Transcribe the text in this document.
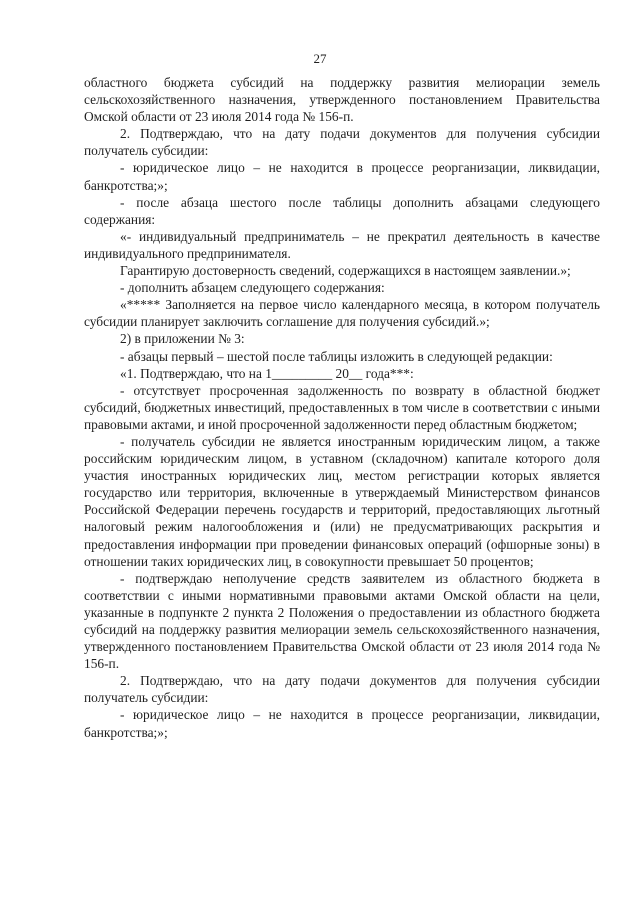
27

областного бюджета субсидий на поддержку развития мелиорации земель сельскохозяйственного назначения, утвержденного постановлением Правительства Омской области от 23 июля 2014 года № 156-п.

2. Подтверждаю, что на дату подачи документов для получения субсидии получатель субсидии:

- юридическое лицо – не находится в процессе реорганизации, ликвидации, банкротства;»;

- после абзаца шестого после таблицы дополнить абзацами следующего содержания:

«- индивидуальный предприниматель – не прекратил деятельность в качестве индивидуального предпринимателя.

Гарантирую достоверность сведений, содержащихся в настоящем заявлении.»;

- дополнить абзацем следующего содержания:

«***** Заполняется на первое число календарного месяца, в котором получатель субсидии планирует заключить соглашение для получения субсидий.»;

2) в приложении № 3:

- абзацы первый – шестой после таблицы изложить в следующей редакции:

«1. Подтверждаю, что на 1_________ 20__ года***:

- отсутствует просроченная задолженность по возврату в областной бюджет субсидий, бюджетных инвестиций, предоставленных в том числе в соответствии с иными правовыми актами, и иной просроченной задолженности перед областным бюджетом;

- получатель субсидии не является иностранным юридическим лицом, а также российским юридическим лицом, в уставном (складочном) капитале которого доля участия иностранных юридических лиц, местом регистрации которых является государство или территория, включенные в утверждаемый Министерством финансов Российской Федерации перечень государств и территорий, предоставляющих льготный налоговый режим налогообложения и (или) не предусматривающих раскрытия и предоставления информации при проведении финансовых операций (офшорные зоны) в отношении таких юридических лиц, в совокупности превышает 50 процентов;

- подтверждаю неполучение средств заявителем из областного бюджета в соответствии с иными нормативными правовыми актами Омской области на цели, указанные в подпункте 2 пункта 2 Положения о предоставлении из областного бюджета субсидий на поддержку развития мелиорации земель сельскохозяйственного назначения, утвержденного постановлением Правительства Омской области от 23 июля 2014 года № 156-п.

2. Подтверждаю, что на дату подачи документов для получения субсидии получатель субсидии:

- юридическое лицо – не находится в процессе реорганизации, ликвидации, банкротства;»;
